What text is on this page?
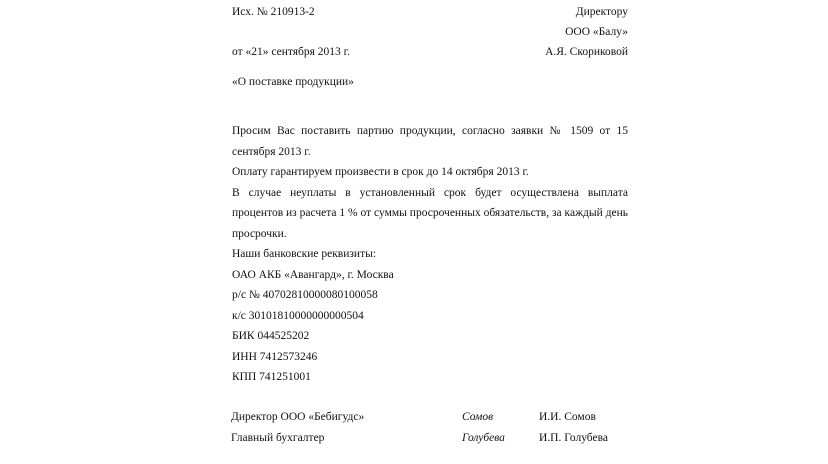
Исх. № 210913-2
от «21» сентября 2013 г.
Директору
ООО «Балу»
А.Я. Скориковой
«О поставке продукции»

Просим Вас поставить партию продукции, согласно заявки № 1509 от 15 сентября 2013 г.

Оплату гарантируем произвести в срок до 14 октября 2013 г.

В случае неуплаты в установленный срок будет осуществлена выплата процентов из расчета 1 % от суммы просроченных обязательств, за каждый день просрочки.

Наши банковские реквизиты:

ОАО АКБ «Авангард», г. Москва

р/с № 40702810000080100058

к/с 30101810000000000504

БИК 044525202

ИНН 7412573246

КПП 741251001

Директор ООО «Бебигудс»	Сомов	И.И. Сомов
Главный бухгалтер	Голубева	И.П. Голубева
